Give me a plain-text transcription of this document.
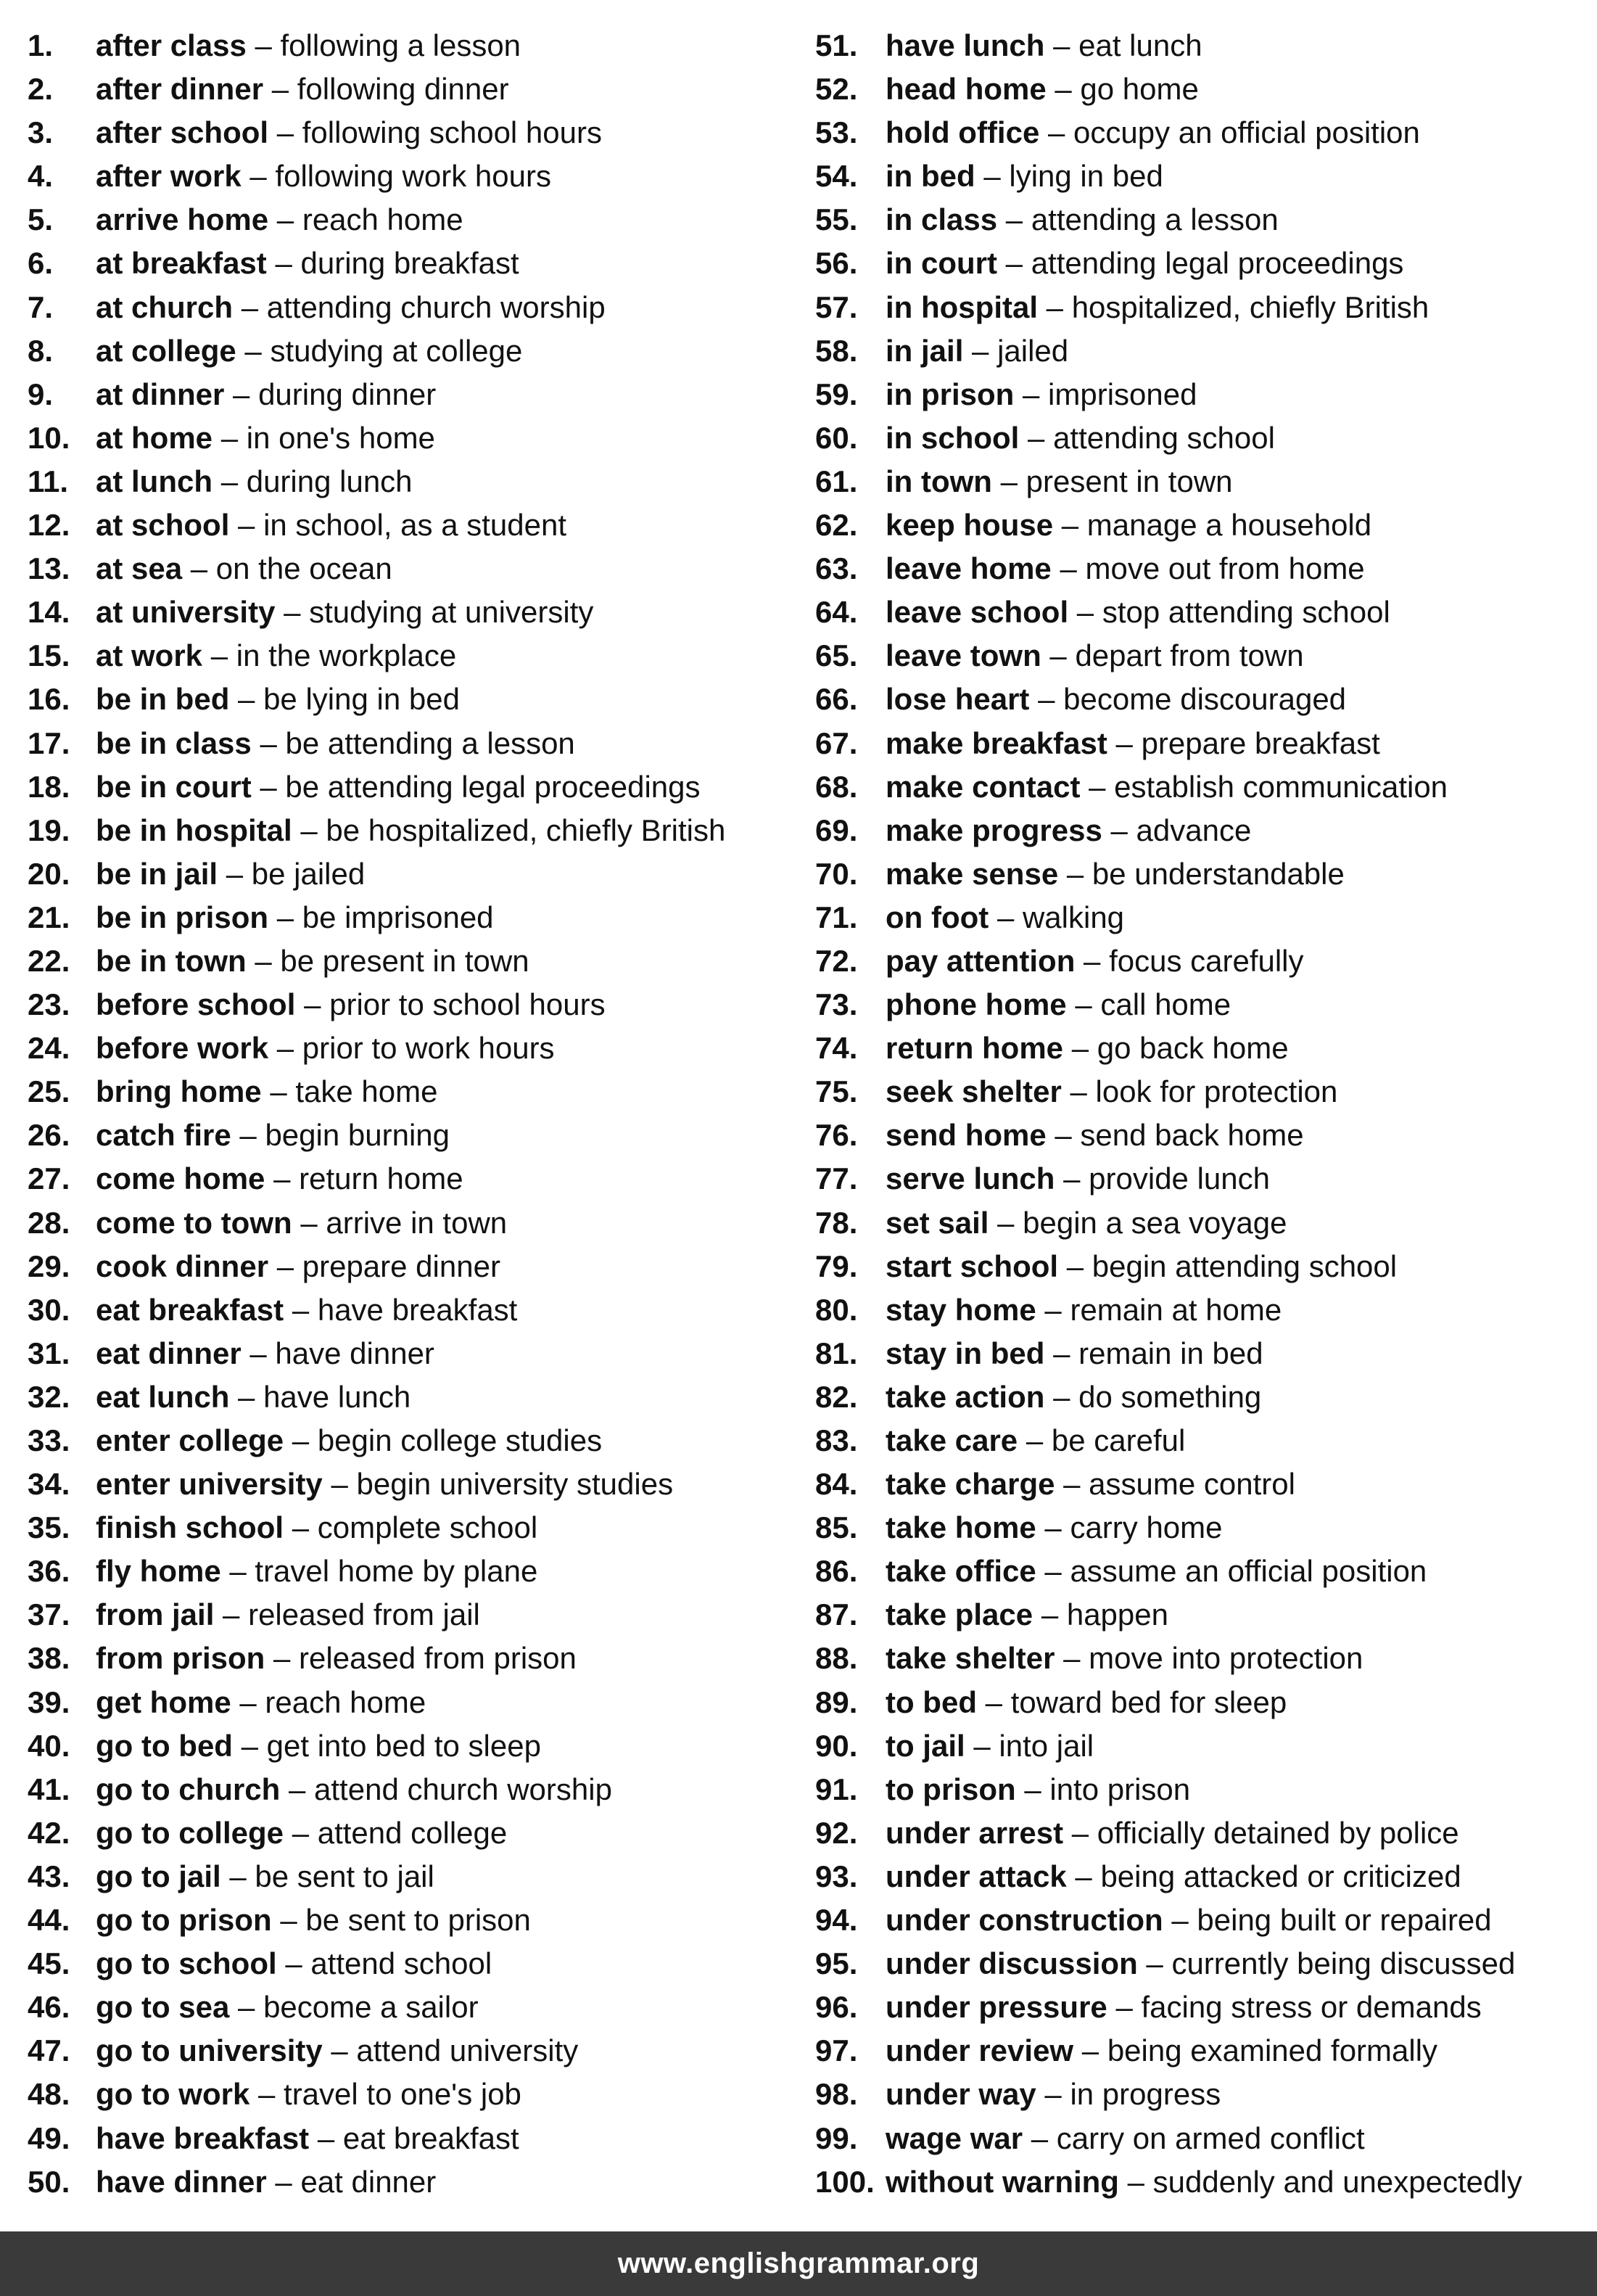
1. after class – following a lesson
2. after dinner – following dinner
3. after school – following school hours
4. after work – following work hours
5. arrive home – reach home
6. at breakfast – during breakfast
7. at church – attending church worship
8. at college – studying at college
9. at dinner – during dinner
10. at home – in one's home
11. at lunch – during lunch
12. at school – in school, as a student
13. at sea – on the ocean
14. at university – studying at university
15. at work – in the workplace
16. be in bed – be lying in bed
17. be in class – be attending a lesson
18. be in court – be attending legal proceedings
19. be in hospital – be hospitalized, chiefly British
20. be in jail – be jailed
21. be in prison – be imprisoned
22. be in town – be present in town
23. before school – prior to school hours
24. before work – prior to work hours
25. bring home – take home
26. catch fire – begin burning
27. come home – return home
28. come to town – arrive in town
29. cook dinner – prepare dinner
30. eat breakfast – have breakfast
31. eat dinner – have dinner
32. eat lunch – have lunch
33. enter college – begin college studies
34. enter university – begin university studies
35. finish school – complete school
36. fly home – travel home by plane
37. from jail – released from jail
38. from prison – released from prison
39. get home – reach home
40. go to bed – get into bed to sleep
41. go to church – attend church worship
42. go to college – attend college
43. go to jail – be sent to jail
44. go to prison – be sent to prison
45. go to school – attend school
46. go to sea – become a sailor
47. go to university – attend university
48. go to work – travel to one's job
49. have breakfast – eat breakfast
50. have dinner – eat dinner
51. have lunch – eat lunch
52. head home – go home
53. hold office – occupy an official position
54. in bed – lying in bed
55. in class – attending a lesson
56. in court – attending legal proceedings
57. in hospital – hospitalized, chiefly British
58. in jail – jailed
59. in prison – imprisoned
60. in school – attending school
61. in town – present in town
62. keep house – manage a household
63. leave home – move out from home
64. leave school – stop attending school
65. leave town – depart from town
66. lose heart – become discouraged
67. make breakfast – prepare breakfast
68. make contact – establish communication
69. make progress – advance
70. make sense – be understandable
71. on foot – walking
72. pay attention – focus carefully
73. phone home – call home
74. return home – go back home
75. seek shelter – look for protection
76. send home – send back home
77. serve lunch – provide lunch
78. set sail – begin a sea voyage
79. start school – begin attending school
80. stay home – remain at home
81. stay in bed – remain in bed
82. take action – do something
83. take care – be careful
84. take charge – assume control
85. take home – carry home
86. take office – assume an official position
87. take place – happen
88. take shelter – move into protection
89. to bed – toward bed for sleep
90. to jail – into jail
91. to prison – into prison
92. under arrest – officially detained by police
93. under attack – being attacked or criticized
94. under construction – being built or repaired
95. under discussion – currently being discussed
96. under pressure – facing stress or demands
97. under review – being examined formally
98. under way – in progress
99. wage war – carry on armed conflict
100. without warning – suddenly and unexpectedly
www.englishgrammar.org
